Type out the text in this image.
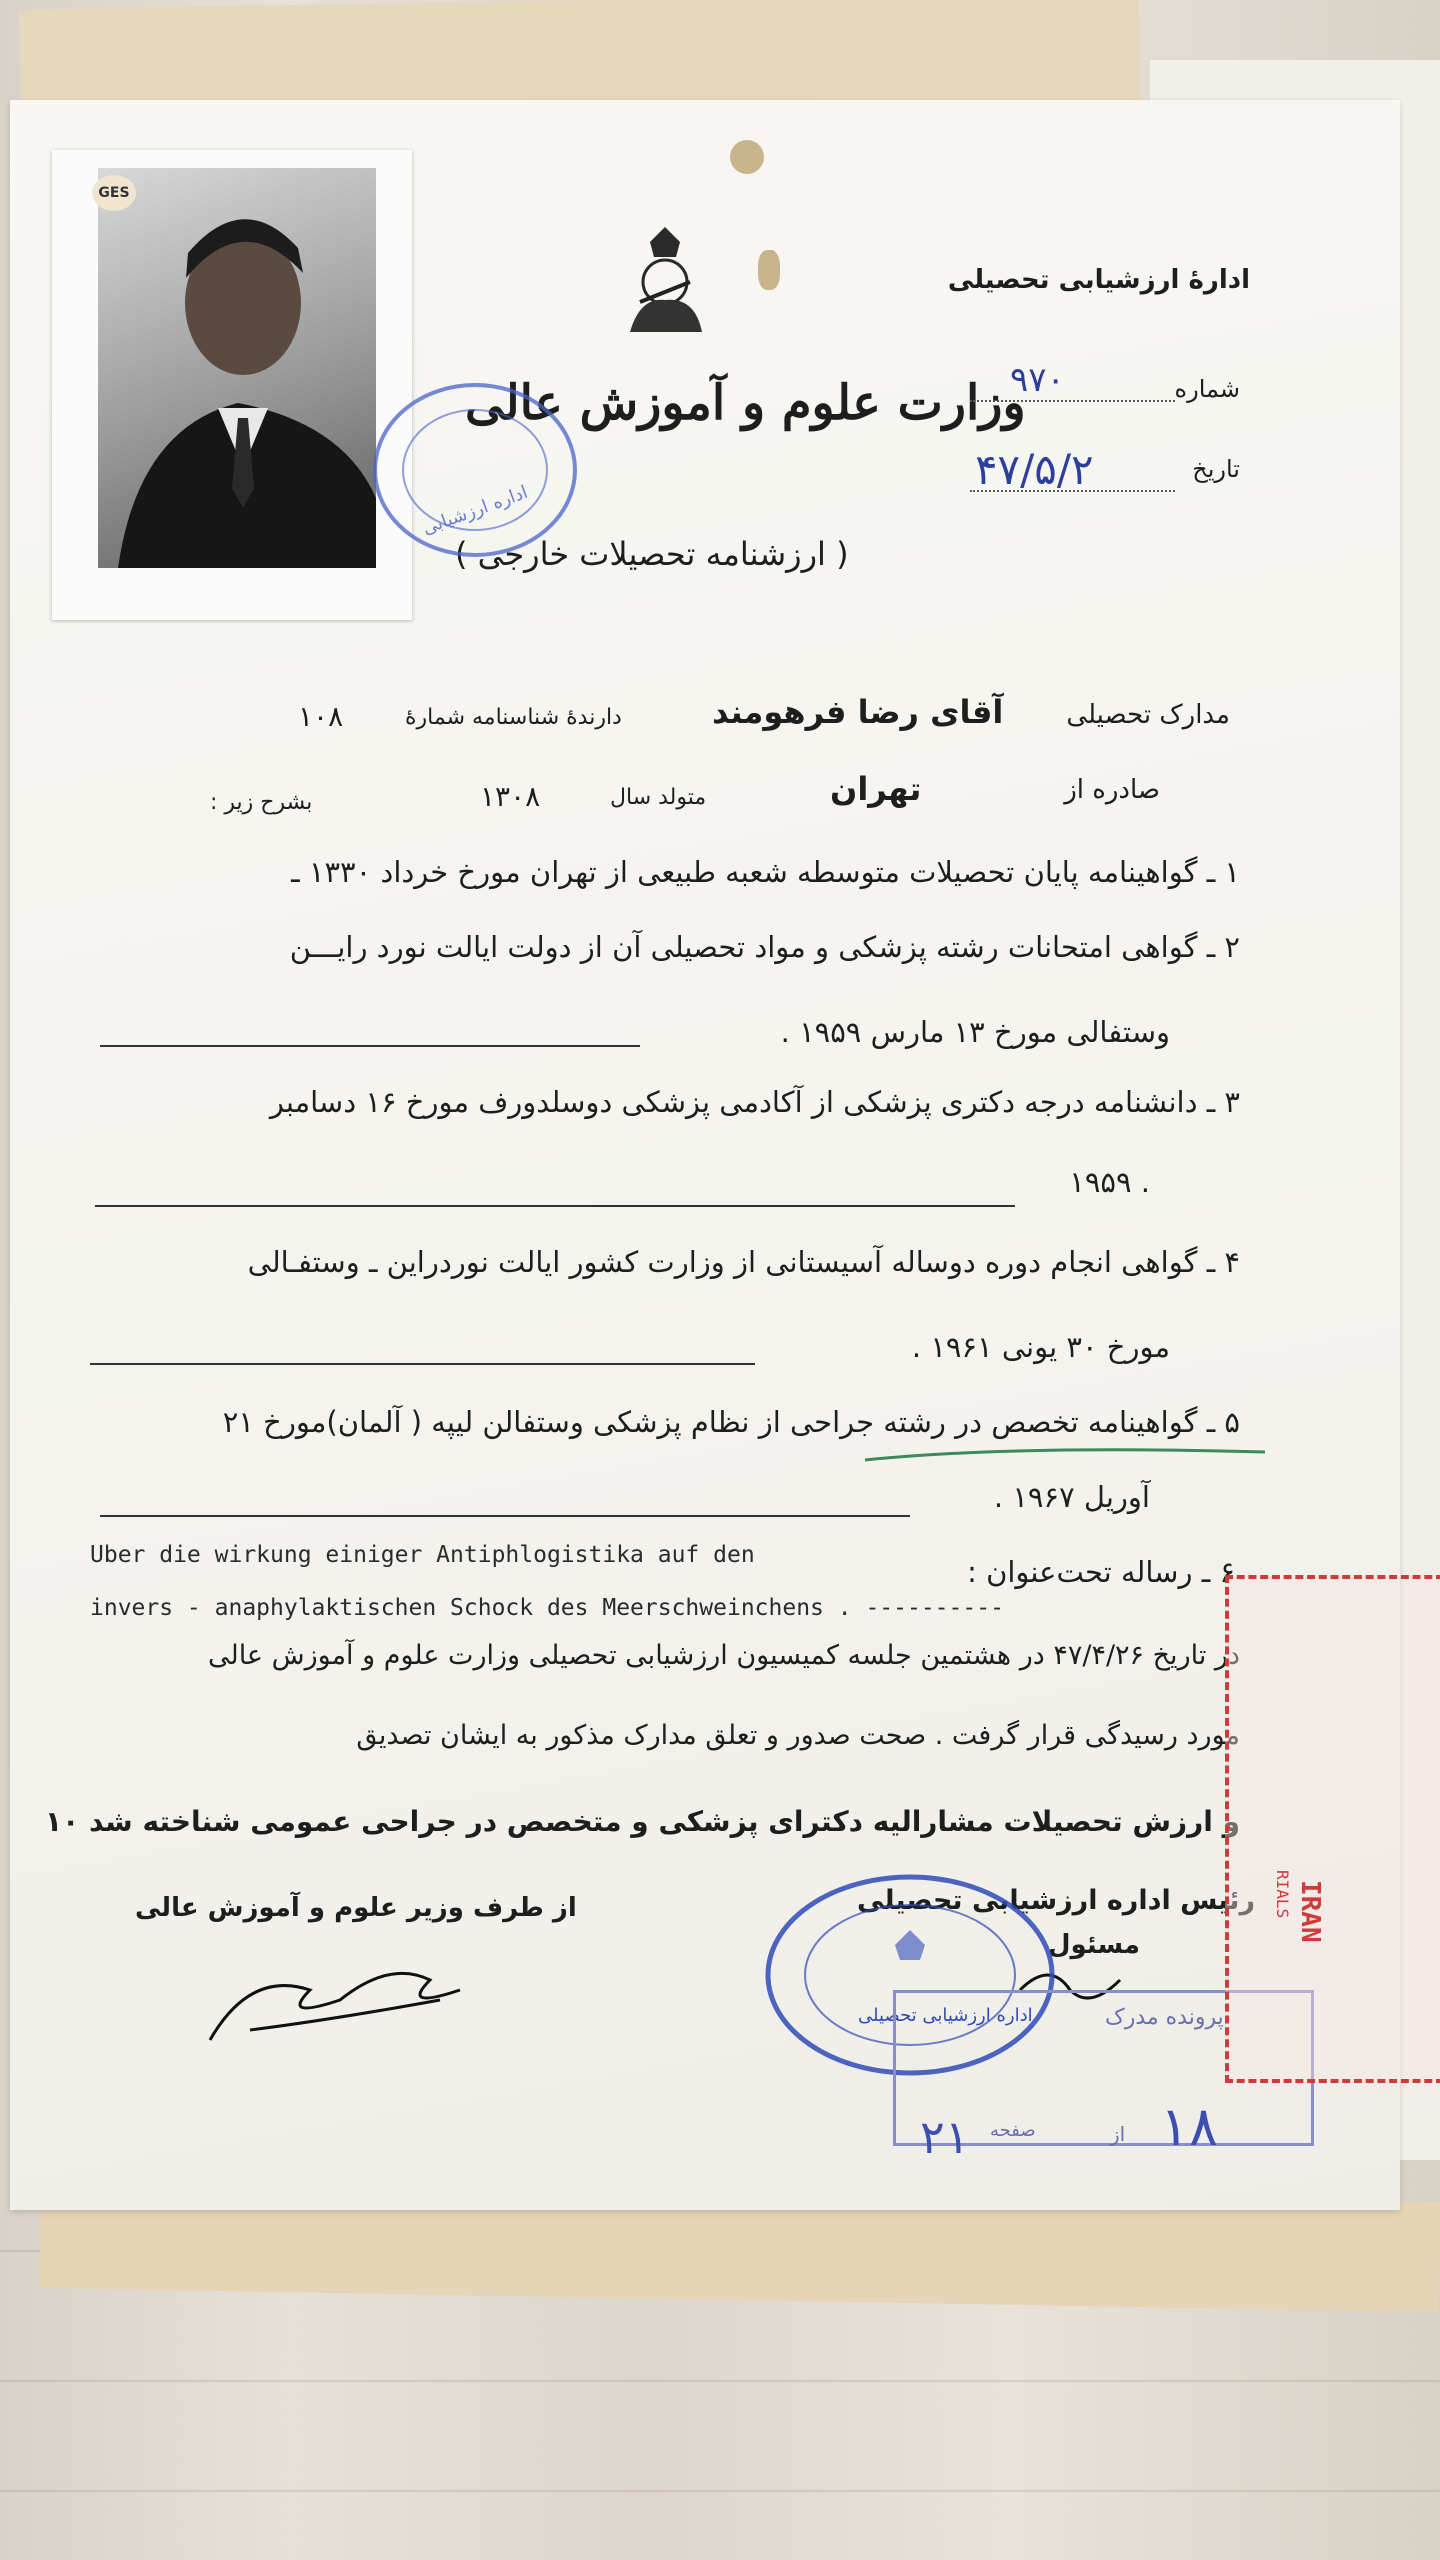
GES
ادارهٔ ارزشیابی تحصیلی
وزارت علوم و آموزش عالی
( ارزشنامه تحصیلات خارجی )
شماره
۹۷۰
تاریخ
۴۷/۵/۲
اداره ارزشیابی
مدارک تحصیلی
آقای رضا فرهومند
دارندهٔ شناسنامه شمارهٔ
۱۰۸
صادره از
تهران
متولد سال
۱۳۰۸
بشرح زیر :
۱ ـ گواهینامه پایان تحصیلات متوسطه شعبه طبیعی از تهران مورخ خرداد ۱۳۳۰ ـ
۲ ـ گواهی امتحانات رشته پزشکی و مواد تحصیلی آن از دولت ایالت نورد رایـــن
وستفالی مورخ ۱۳ مارس ۱۹۵۹ .
۳ ـ دانشنامه درجه دکتری پزشکی از آکادمی پزشکی دوسلدورف مورخ ۱۶ دسامبر
۱۹۵۹ .
۴ ـ گواهی انجام دوره دوساله آسیستانی از وزارت کشور ایالت نوردراین ـ وستفـالی
مورخ ۳۰ یونی ۱۹۶۱ .
۵ ـ گواهینامه تخصص در رشته جراحی از نظام پزشکی وستفالن لیپه ( آلمان)مورخ ۲۱
آوریل ۱۹۶۷ .
۶ ـ رساله تحت‌عنوان :
Uber die wirkung einiger Antiphlogistika auf den
invers - anaphylaktischen Schock des Meerschweinchens . ----------
در تاریخ ۴۷/۴/۲۶ در هشتمین جلسه کمیسیون ارزشیابی تحصیلی وزارت علوم و آموزش عالی
مورد رسیدگی قرار گرفت . صحت صدور و تعلق مدارک مذکور به ایشان تصدیق
و ارزش تحصیلات مشارالیه دکترای پزشکی و متخصص در جراحی عمومی شناخته شد ۱۰
از طرف وزیر علوم و آموزش عالی	رئیس اداره ارزشیابی تحصیلی
مسئول
اداره ارزشیابی تحصیلی	پرونده مدرک
۲۱ صفحه	از ۱۸
IRAN
RIALS
